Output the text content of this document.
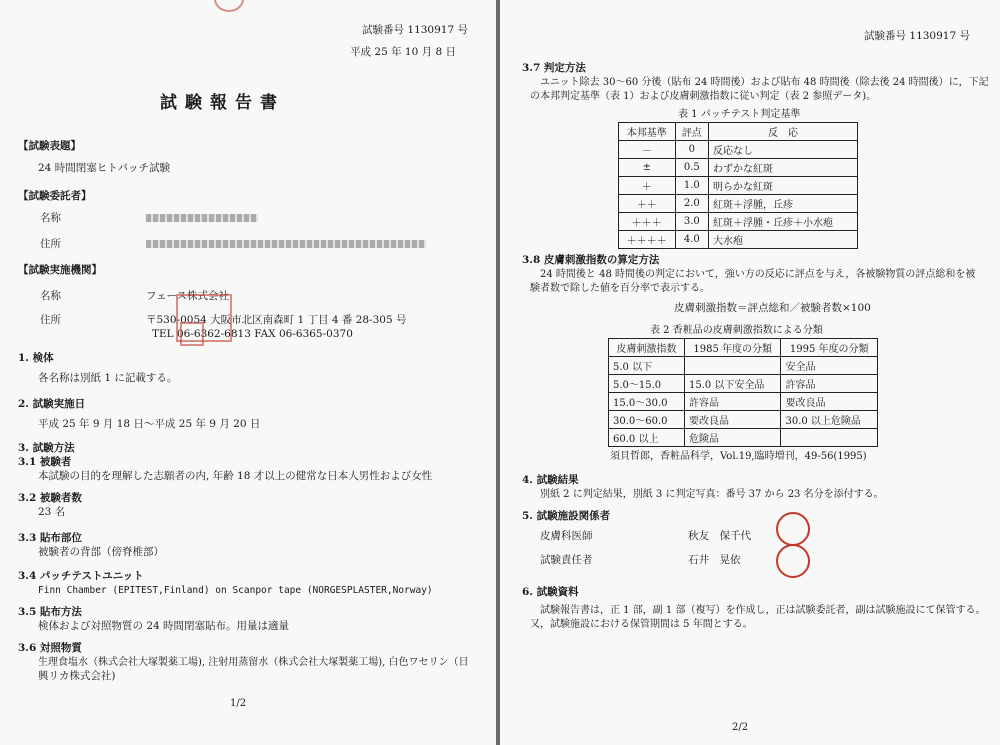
試験番号 1130917 号
平成 25 年 10 月 8 日
試験報告書
【試験表題】
24 時間閉塞ヒトパッチ試験
【試験委託者】
名称
住所
【試験実施機関】
名称	フェース株式会社
住所	〒530-0054 大阪市北区南森町 1 丁目 4 番 28-305 号
TEL 06-6362-6813 FAX 06-6365-0370
1. 検体
各名称は別紙 1 に記載する。
2. 試験実施日
平成 25 年 9 月 18 日～平成 25 年 9 月 20 日
3. 試験方法
3.1 被験者
本試験の目的を理解した志願者の内, 年齢 18 才以上の健常な日本人男性および女性
3.2 被験者数
23 名
3.3 貼布部位
被験者の背部（傍脊椎部）
3.4 パッチテストユニット
Finn Chamber (EPITEST,Finland) on Scanpor tape (NORGESPLASTER,Norway)
3.5 貼布方法
検体および対照物質の 24 時間閉塞貼布。用量は適量
3.6 対照物質
生理食塩水（株式会社大塚製薬工場), 注射用蒸留水（株式会社大塚製薬工場), 白色ワセリン（日
興リカ株式会社)
1/2
試験番号 1130917 号
3.7 判定方法
ユニット除去 30～60 分後（貼布 24 時間後）および貼布 48 時間後（除去後 24 時間後）に，下記
の本邦判定基準（表 1）および皮膚刺激指数に従い判定（表 2 参照データ)。
表 1 パッチテスト判定基準
本邦基準	評点	反　応
－	0	反応なし
±	0.5	わずかな紅斑
＋	1.0	明らかな紅斑
＋＋	2.0	紅斑＋浮腫，丘疹
＋＋＋	3.0	紅斑＋浮腫・丘疹＋小水疱
＋＋＋＋	4.0	大水疱
3.8 皮膚刺激指数の算定方法
24 時間後と 48 時間後の判定において，強い方の反応に評点を与え，各被験物質の評点総和を被
験者数で除した値を百分率で表示する。
皮膚刺激指数＝評点総和／被験者数×100
表 2 香粧品の皮膚刺激指数による分類
皮膚刺激指数	1985 年度の分類	1995 年度の分類
5.0 以下		安全品
5.0～15.0	15.0 以下安全品	許容品
15.0～30.0	許容品	要改良品
30.0～60.0	要改良品	30.0 以上危険品
60.0 以上	危険品	
須貝哲郎，香粧品科学，Vol.19,臨時増刊，49-56(1995)
4. 試験結果
別紙 2 に判定結果，別紙 3 に判定写真：番号 37 から 23 名分を添付する。
5. 試験施設関係者
皮膚科医師	秋友　保千代
試験責任者	石井　晃依
6. 試験資料
試験報告書は，正 1 部，副 1 部（複写）を作成し，正は試験委託者，副は試験施設にて保管する。
又，試験施設における保管期間は 5 年間とする。
2/2
